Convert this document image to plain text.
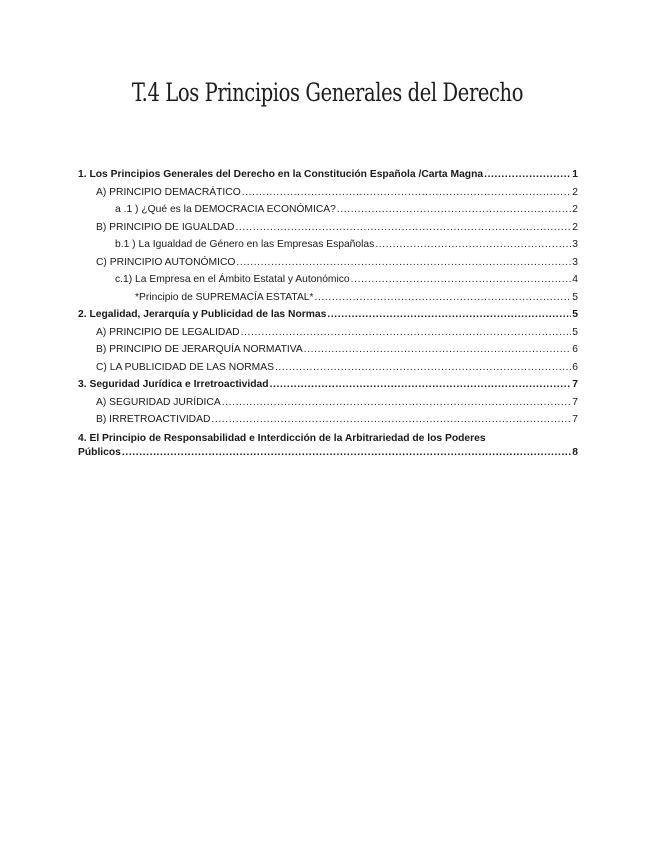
T.4 Los Principios Generales del Derecho
1. Los Principios Generales del Derecho en la Constitución Española /Carta Magna .....	1
A) PRINCIPIO DEMACRÁTICO .....	2
a .1 ) ¿Qué es la DEMOCRACIA ECONÓMICA? .....	2
B) PRINCIPIO DE IGUALDAD .....	2
b.1 ) La Igualdad de Género en las Empresas Españolas .....	3
C) PRINCIPIO AUTONÓMICO .....	3
c.1) La Empresa en el Ámbito Estatal y Autonómico .....	4
*Principio de SUPREMACÍA ESTATAL* .....	5
2. Legalidad, Jerarquía y Publicidad de las Normas .....	5
A) PRINCIPIO DE LEGALIDAD .....	5
B) PRINCIPIO DE JERARQUÍA NORMATIVA .....	6
C) LA PUBLICIDAD DE LAS NORMAS .....	6
3. Seguridad Jurídica e Irretroactividad .....	7
A) SEGURIDAD JURÍDICA .....	7
B) IRRETROACTIVIDAD .....	7
4. El Principio de Responsabilidad e Interdicción de la Arbitrariedad de los Poderes
Públicos .....	8
